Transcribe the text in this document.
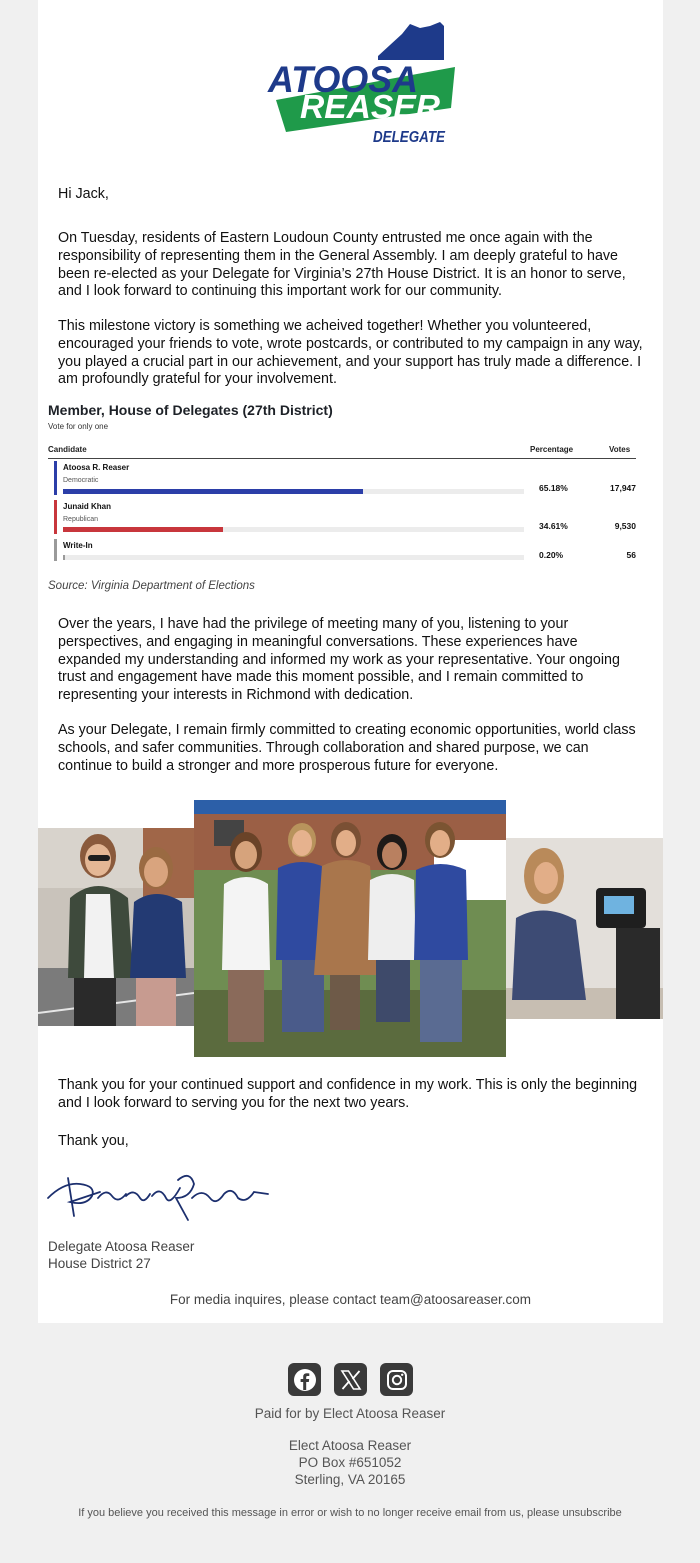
ATOOSA
REASER
DELEGATE

Hi Jack,

On Tuesday, residents of Eastern Loudoun County entrusted me once again with the responsibility of representing them in the General Assembly. I am deeply grateful to have been re-elected as your Delegate for Virginia’s 27th House District. It is an honor to serve, and I look forward to continuing this important work for our community.

This milestone victory is something we acheived together! Whether you volunteered, encouraged your friends to vote, wrote postcards, or contributed to my campaign in any way, you played a crucial part in our achievement, and your support has truly made a difference. I am profoundly grateful for your involvement.

Member, House of Delegates (27th District)
Vote for only one
Candidate	Percentage	Votes
Atoosa R. Reaser
Democratic
65.18%	17,947
Junaid Khan
Republican
34.61%	9,530
Write-In
0.20%	56
Source: Virginia Department of Elections

Over the years, I have had the privilege of meeting many of you, listening to your perspectives, and engaging in meaningful conversations. These experiences have expanded my understanding and informed my work as your representative. Your ongoing trust and engagement have made this moment possible, and I remain committed to representing your interests in Richmond with dedication.

As your Delegate, I remain firmly committed to creating economic opportunities, world class schools, and safer communities. Through collaboration and shared purpose, we can continue to build a stronger and more prosperous future for everyone.

Thank you for your continued support and confidence in my work. This is only the beginning and I look forward to serving you for the next two years.

Thank you,

Delegate Atoosa Reaser
House District 27
For media inquires, please contact team@atoosareaser.com
Paid for by Elect Atoosa Reaser
Elect Atoosa Reaser
PO Box #651052
Sterling, VA 20165
If you believe you received this message in error or wish to no longer receive email from us, please unsubscribe
